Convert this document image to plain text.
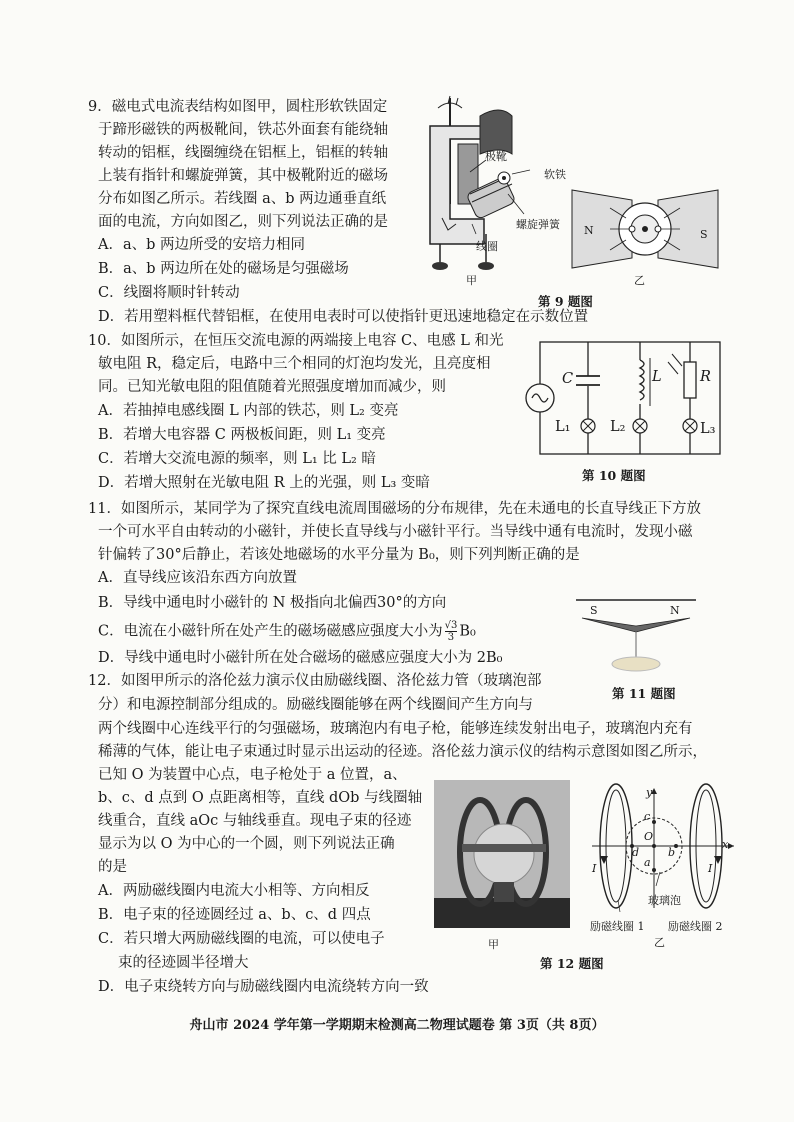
9．磁电式电流表结构如图甲，圆柱形软铁固定
于蹄形磁铁的两极靴间，铁芯外面套有能绕轴
转动的铝框，线圈缠绕在铝框上，铝框的转轴
上装有指针和螺旋弹簧，其中极靴附近的磁场
分布如图乙所示。若线圈 a、b 两边通垂直纸
面的电流，方向如图乙，则下列说法正确的是
A．a、b 两边所受的安培力相同
B．a、b 两边所在处的磁场是匀强磁场
C．线圈将顺时针转动
D．若用塑料框代替铝框，在使用电表时可以使指针更迅速地稳定在示数位置
极靴
软铁
螺旋弹簧
线圈
甲
N	S
乙
第 9 题图
10．如图所示，在恒压交流电源的两端接上电容 C、电感 L 和光
敏电阻 R，稳定后，电路中三个相同的灯泡均发光，且亮度相
同。已知光敏电阻的阻值随着光照强度增加而减少，则
A．若抽掉电感线圈 L 内部的铁芯，则 L₂ 变亮
B．若增大电容器 C 两极板间距，则 L₁ 变亮
C．若增大交流电源的频率，则 L₁ 比 L₂ 暗
D．若增大照射在光敏电阻 R 上的光强，则 L₃ 变暗
C	L	R
L₁	L₂	L₃
第 10 题图
11．如图所示，某同学为了探究直线电流周围磁场的分布规律，先在未通电的长直导线正下方放
一个可水平自由转动的小磁针，并使长直导线与小磁针平行。当导线中通有电流时，发现小磁
针偏转了30°后静止，若该处地磁场的水平分量为 B₀，则下列判断正确的是
A．直导线应该沿东西方向放置
B．导线中通电时小磁针的 N 极指向北偏西30°的方向
C．电流在小磁针所在处产生的磁场磁感应强度大小为 $\frac{√3}{3} B_0$
D．导线中通电时小磁针所在处合磁场的磁感应强度大小为 2B₀
S	N
第 11 题图
12．如图甲所示的洛伦兹力演示仪由励磁线圈、洛伦兹力管（玻璃泡部
分）和电源控制部分组成的。励磁线圈能够在两个线圈间产生方向与
两个线圈中心连线平行的匀强磁场，玻璃泡内有电子枪，能够连续发射出电子，玻璃泡内充有
稀薄的气体，能让电子束通过时显示出运动的径迹。洛伦兹力演示仪的结构示意图如图乙所示，
已知 O 为装置中心点，电子枪处于 a 位置，a、
b、c、d 点到 O 点距离相等，直线 dOb 与线圈轴
线重合，直线 aOc 与轴线垂直。现电子束的径迹
显示为以 O 为中心的一个圆，则下列说法正确
的是
A．两励磁线圈内电流大小相等、方向相反
B．电子束的径迹圆经过 a、b、c、d 四点
C．若只增大两励磁线圈的电流，可以使电子
束的径迹圆半径增大
D．电子束绕转方向与励磁线圈内电流绕转方向一致
甲
y
x
c
O
d	b
a
I	I
玻璃泡
励磁线圈 1 励磁线圈 2
乙
第 12 题图
舟山市 2024 学年第一学期期末检测高二物理试题卷 第 3页（共 8页）
